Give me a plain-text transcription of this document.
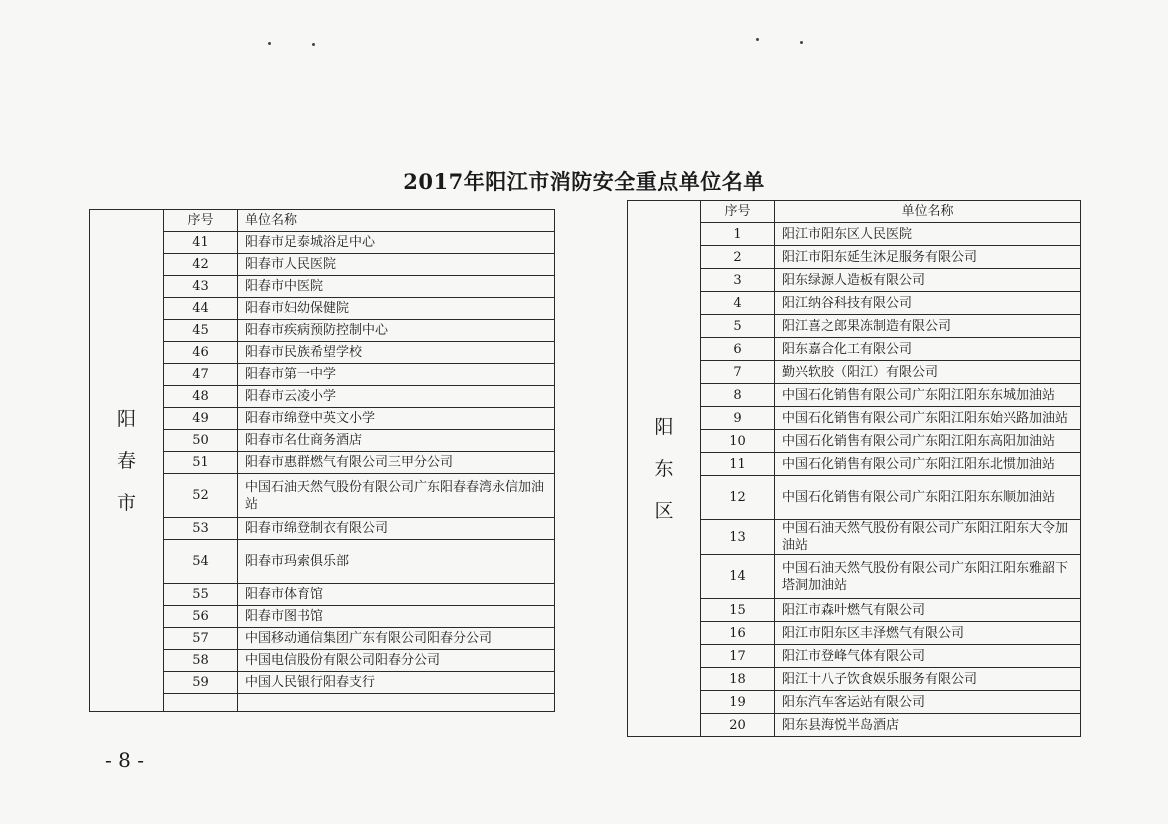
2017年阳江市消防安全重点单位名单
阳
春
市	序号	单位名称
	41	阳春市足泰城浴足中心
	42	阳春市人民医院
	43	阳春市中医院
	44	阳春市妇幼保健院
	45	阳春市疾病预防控制中心
	46	阳春市民族希望学校
	47	阳春市第一中学
	48	阳春市云凌小学
	49	阳春市绵登中英文小学
	50	阳春市名仕商务酒店
	51	阳春市惠群燃气有限公司三甲分公司
	52	中国石油天然气股份有限公司广东阳春春湾永信加油站
	53	阳春市绵登制衣有限公司
	54	阳春市玛索俱乐部
	55	阳春市体育馆
	56	阳春市图书馆
	57	中国移动通信集团广东有限公司阳春分公司
	58	中国电信股份有限公司阳春分公司
	59	中国人民银行阳春支行

阳
东
区	序号	单位名称
	1	阳江市阳东区人民医院
	2	阳江市阳东延生沐足服务有限公司
	3	阳东绿源人造板有限公司
	4	阳江纳谷科技有限公司
	5	阳江喜之郎果冻制造有限公司
	6	阳东嘉合化工有限公司
	7	勤兴软胶（阳江）有限公司
	8	中国石化销售有限公司广东阳江阳东东城加油站
	9	中国石化销售有限公司广东阳江阳东始兴路加油站
	10	中国石化销售有限公司广东阳江阳东高阳加油站
	11	中国石化销售有限公司广东阳江阳东北惯加油站
	12	中国石化销售有限公司广东阳江阳东东顺加油站
	13	中国石油天然气股份有限公司广东阳江阳东大令加油站
	14	中国石油天然气股份有限公司广东阳江阳东雅韶下塔洞加油站
	15	阳江市森叶燃气有限公司
	16	阳江市阳东区丰泽燃气有限公司
	17	阳江市登峰气体有限公司
	18	阳江十八子饮食娱乐服务有限公司
	19	阳东汽车客运站有限公司
	20	阳东县海悦半岛酒店
- 8 -
